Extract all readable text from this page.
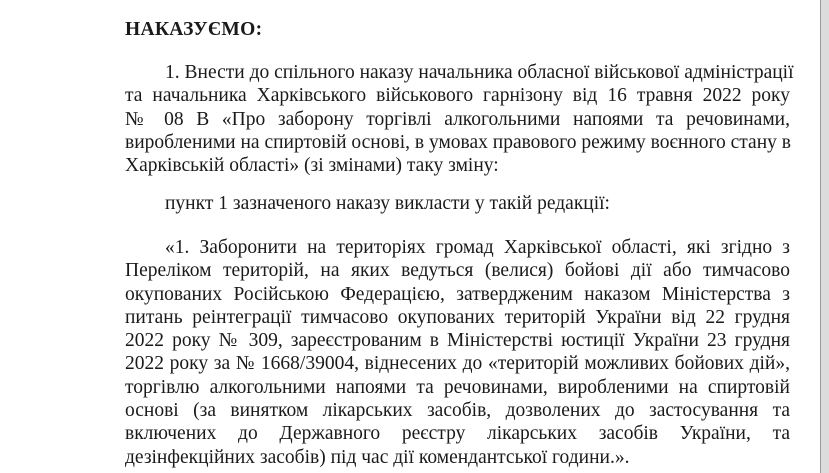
НАКАЗУЄМО:
1. Внести до спільного наказу начальника обласної військової адміністрації
та начальника Харківського військового гарнізону від 16 травня 2022 року
№ 08 В «Про заборону торгівлі алкогольними напоями та речовинами,
виробленими на спиртовій основі, в умовах правового режиму воєнного стану в
Харківській області» (зі змінами) таку зміну:
пункт 1 зазначеного наказу викласти у такій редакції:
«1. Заборонити на територіях громад Харківської області, які згідно з
Переліком територій, на яких ведуться (велися) бойові дії або тимчасово
окупованих Російською Федерацією, затвердженим наказом Міністерства з
питань реінтеграції тимчасово окупованих територій України від 22 грудня
2022 року № 309, зареєстрованим в Міністерстві юстиції України 23 грудня
2022 року за № 1668/39004, віднесених до «територій можливих бойових дій»,
торгівлю алкогольними напоями та речовинами, виробленими на спиртовій
основі (за винятком лікарських засобів, дозволених до застосування та
включених до Державного реєстру лікарських засобів України, та
дезінфекційних засобів) під час дії комендантської години.».
